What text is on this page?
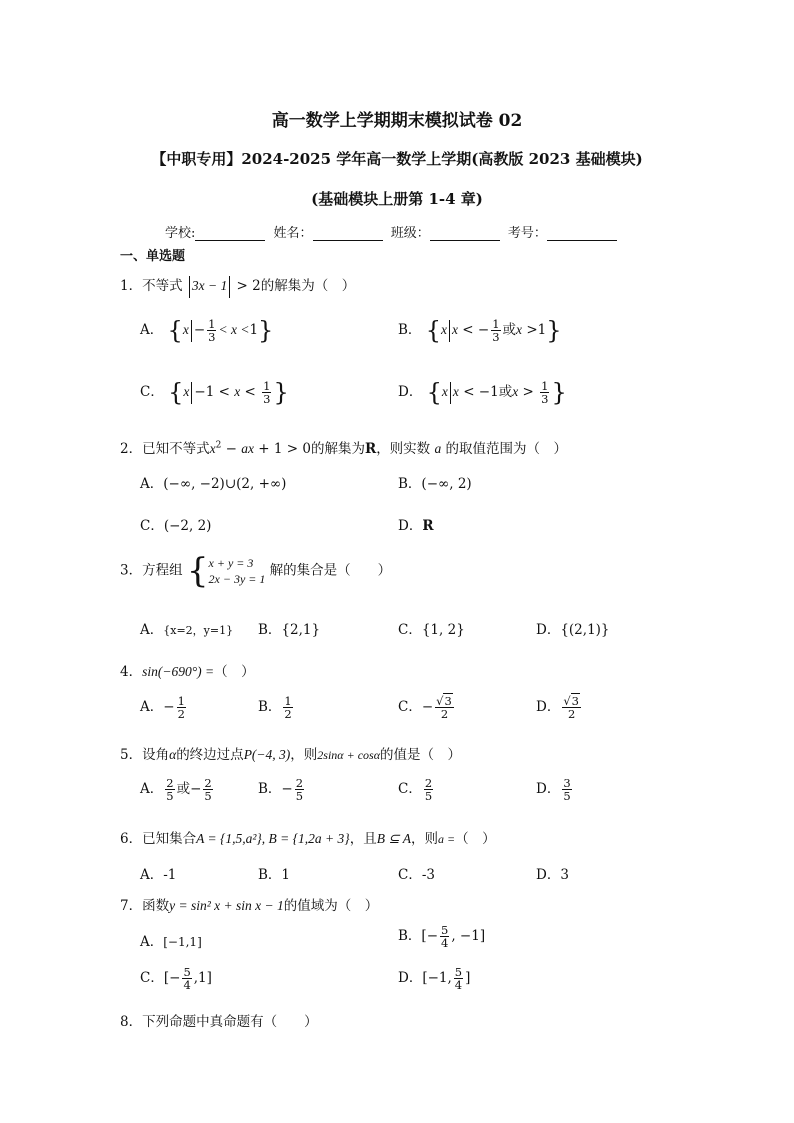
高一数学上学期期末模拟试卷 02
【中职专用】2024-2025 学年高一数学上学期(高教版 2023 基础模块)
(基础模块上册第 1-4 章)
学校:	姓名：	班级：	考号：
一、单选题
1．不等式 3x − 1 > 2的解集为（　）
A． $\{x - \frac{1}{3} < x <1\}$	B． {x x < − $\frac{1}{3}$ 或x >1}
C． {$x -1 < x < \frac{1}{3}$ }	D． {x x < −1或$x > \frac{1}{3}$ }
2．已知不等式$x^2$ − ax + 1 > 0的解集为R，则实数 a 的取值范围为（　）
A．(−∞, −2)∪(2, +∞)	B．(−∞, 2)
C．(−2, 2)	D．R
3．方程组 { x + y = 3
2x − 3y = 1
解的集合是（　　）
A．{x=2，y=1} B．{2,1}	C．{1, 2}	D．{(2,1)}
4．sin(−690°) =（　）
A．− $\frac{1}{2}$	B． $\frac{1}{2}$	C．− $\frac{√3}{2}$	D． $\frac{√3}{2}$
5．设角α的终边过点P(−4, 3)，则2sinα + cosα的值是（　）
A． $\frac{2}{5}$ 或− $\frac{2}{5}$	B．− $\frac{2}{5}$	C． $\frac{2}{5}$	D． $\frac{3}{5}$
6．已知集合A = {1,5,a²}, B = {1,2a + 3}，且B ⊆ A，则a =（　）
A．-1	B．1	C．-3	D．3
7．函数y = sin² x + sin x − 1的值域为（　）
A．[−1,1]	B．[− $\frac{5}{4}$ , −1]
C．[− $\frac{5}{4} ,1$]	D．[−1, $\frac{5}{4}$ ]
8．下列命题中真命题有（　　）
